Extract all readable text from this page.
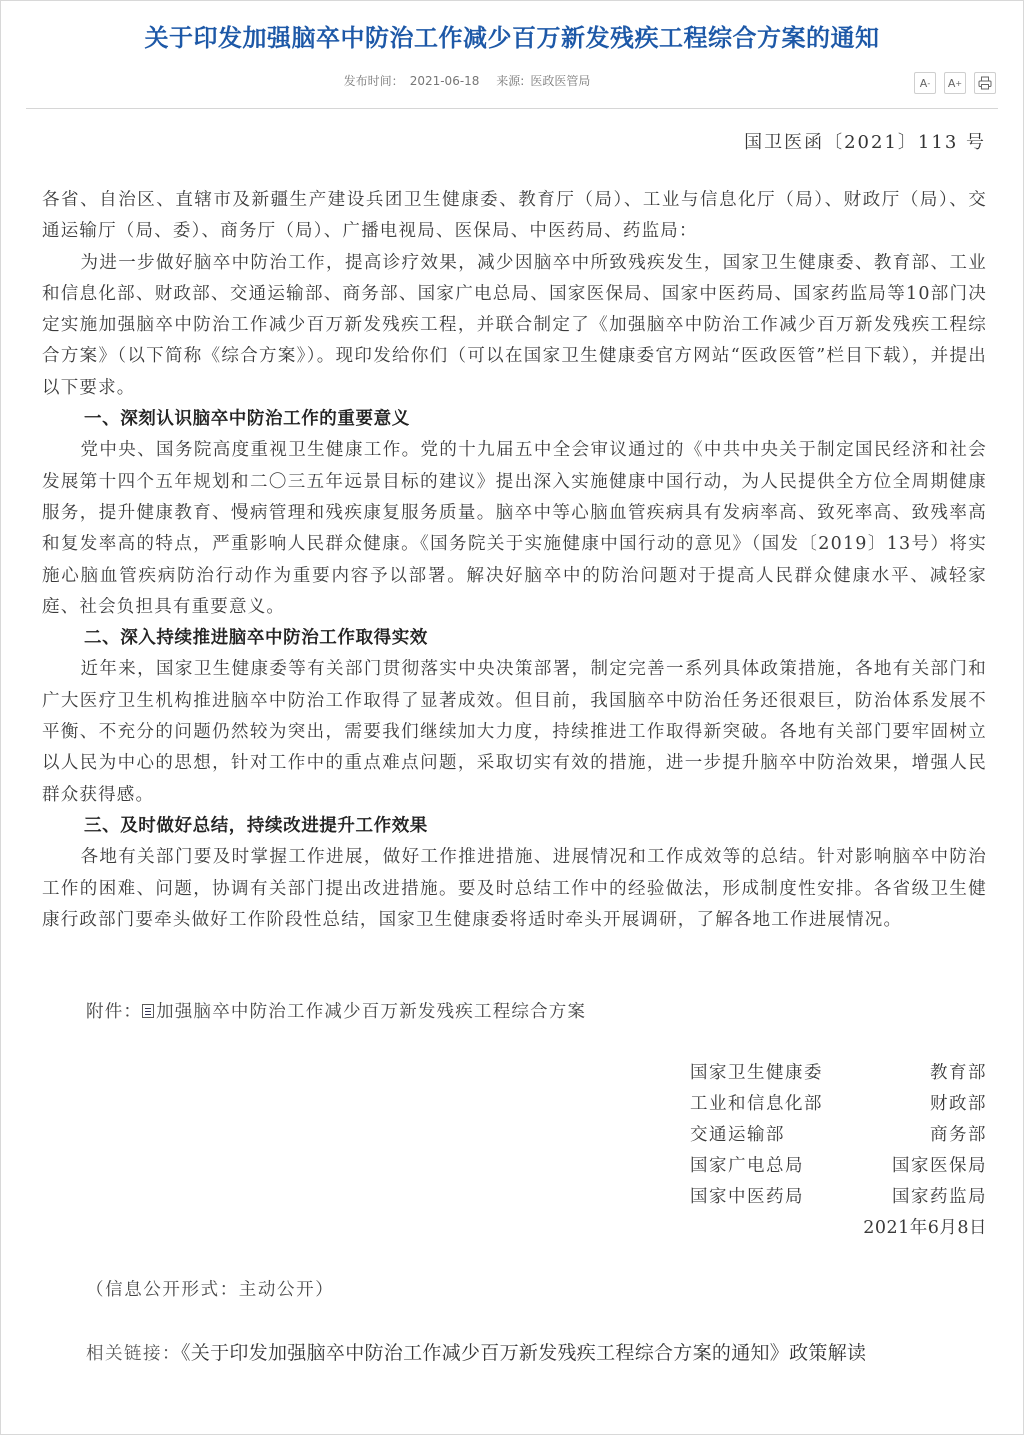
关于印发加强脑卒中防治工作减少百万新发残疾工程综合方案的通知
发布时间： 2021-06-18 来源: 医政医管局	A - A +
国卫医函〔2021〕113 号

各省、自治区、直辖市及新疆生产建设兵团卫生健康委、教育厅（局）、工业与信息化厅（局）、财政厅（局）、交通运输厅（局、委）、商务厅（局）、广播电视局、医保局、中医药局、药监局：

为进一步做好脑卒中防治工作，提高诊疗效果，减少因脑卒中所致残疾发生，国家卫生健康委、教育部、工业和信息化部、财政部、交通运输部、商务部、国家广电总局、国家医保局、国家中医药局、国家药监局等10部门决定实施加强脑卒中防治工作减少百万新发残疾工程，并联合制定了《加强脑卒中防治工作减少百万新发残疾工程综合方案》（以下简称《综合方案》）。现印发给你们（可以在国家卫生健康委官方网站“医政医管”栏目下载），并提出以下要求。

一、深刻认识脑卒中防治工作的重要意义

党中央、国务院高度重视卫生健康工作。党的十九届五中全会审议通过的《中共中央关于制定国民经济和社会发展第十四个五年规划和二〇三五年远景目标的建议》提出深入实施健康中国行动，为人民提供全方位全周期健康服务，提升健康教育、慢病管理和残疾康复服务质量。脑卒中等心脑血管疾病具有发病率高、致死率高、致残率高和复发率高的特点，严重影响人民群众健康。《国务院关于实施健康中国行动的意见》（国发〔2019〕13号）将实施心脑血管疾病防治行动作为重要内容予以部署。解决好脑卒中的防治问题对于提高人民群众健康水平、减轻家庭、社会负担具有重要意义。

二、深入持续推进脑卒中防治工作取得实效

近年来，国家卫生健康委等有关部门贯彻落实中央决策部署，制定完善一系列具体政策措施，各地有关部门和广大医疗卫生机构推进脑卒中防治工作取得了显著成效。但目前，我国脑卒中防治任务还很艰巨，防治体系发展不平衡、不充分的问题仍然较为突出，需要我们继续加大力度，持续推进工作取得新突破。各地有关部门要牢固树立以人民为中心的思想，针对工作中的重点难点问题，采取切实有效的措施，进一步提升脑卒中防治效果，增强人民群众获得感。

三、及时做好总结，持续改进提升工作效果

各地有关部门要及时掌握工作进展，做好工作推进措施、进展情况和工作成效等的总结。针对影响脑卒中防治工作的困难、问题，协调有关部门提出改进措施。要及时总结工作中的经验做法，形成制度性安排。各省级卫生健康行政部门要牵头做好工作阶段性总结，国家卫生健康委将适时牵头开展调研，了解各地工作进展情况。

附件： 加强脑卒中防治工作减少百万新发残疾工程综合方案
国家卫生健康委	教育部
工业和信息化部	财政部
交通运输部	商务部
国家广电总局	国家医保局
国家中医药局	国家药监局
2021年6月8日
（信息公开形式：主动公开）
相关链接：《关于印发加强脑卒中防治工作减少百万新发残疾工程综合方案的通知》政策解读
